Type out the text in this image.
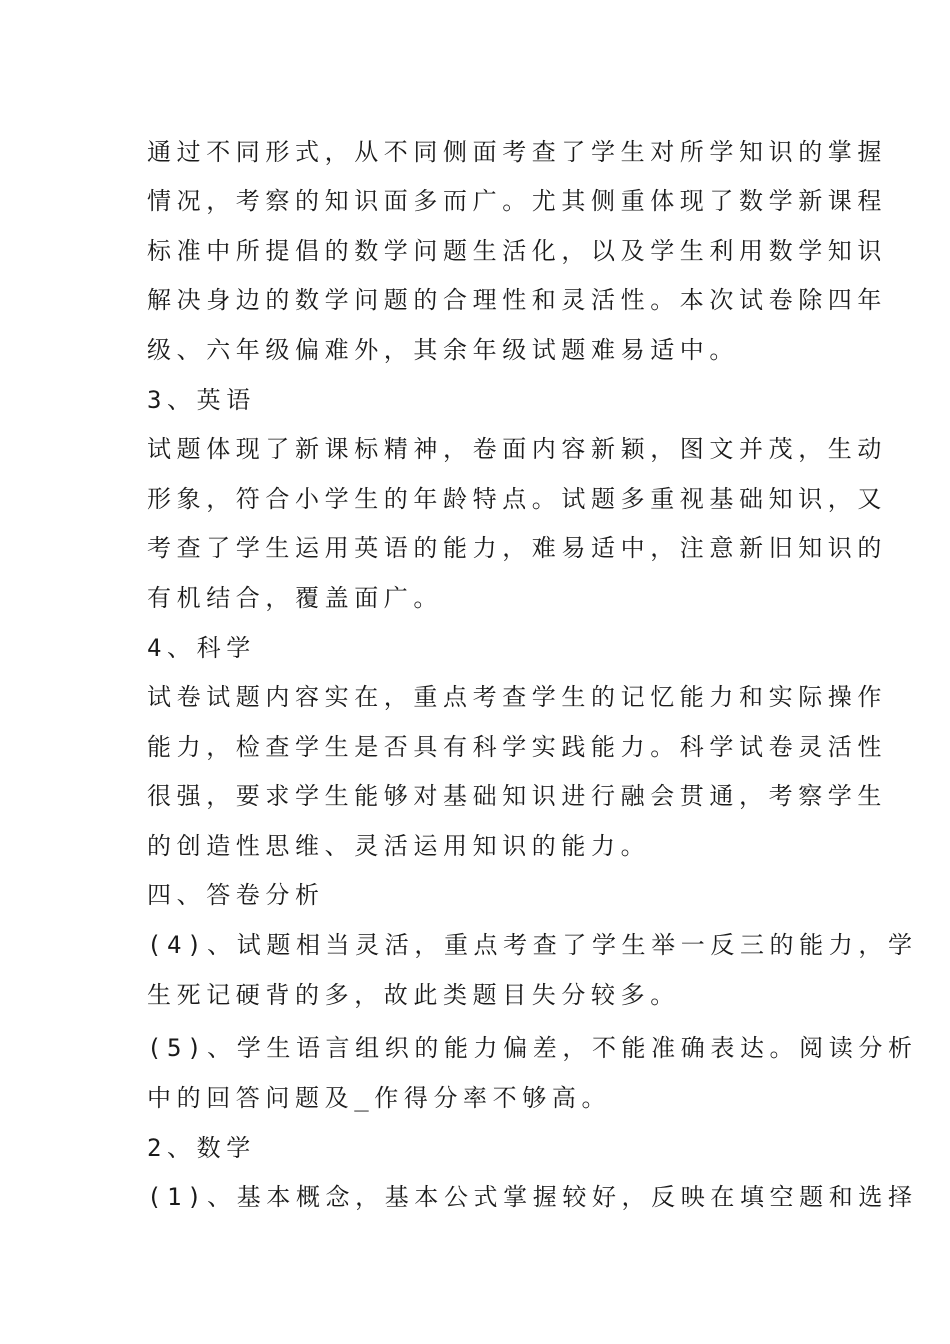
通过不同形式，从不同侧面考查了学生对所学知识的掌握
情况，考察的知识面多而广。尤其侧重体现了数学新课程
标准中所提倡的数学问题生活化，以及学生利用数学知识
解决身边的数学问题的合理性和灵活性。本次试卷除四年
级、六年级偏难外，其余年级试题难易适中。
3、英语
试题体现了新课标精神，卷面内容新颖，图文并茂，生动
形象，符合小学生的年龄特点。试题多重视基础知识，又
考查了学生运用英语的能力，难易适中，注意新旧知识的
有机结合，覆盖面广。
4、科学
试卷试题内容实在，重点考查学生的记忆能力和实际操作
能力，检查学生是否具有科学实践能力。科学试卷灵活性
很强，要求学生能够对基础知识进行融会贯通，考察学生
的创造性思维、灵活运用知识的能力。
四、答卷分析
(4)、试题相当灵活，重点考查了学生举一反三的能力，学
生死记硬背的多，故此类题目失分较多。
(5)、学生语言组织的能力偏差，不能准确表达。阅读分析
中的回答问题及_作得分率不够高。
2、数学
(1)、基本概念，基本公式掌握较好，反映在填空题和选择
